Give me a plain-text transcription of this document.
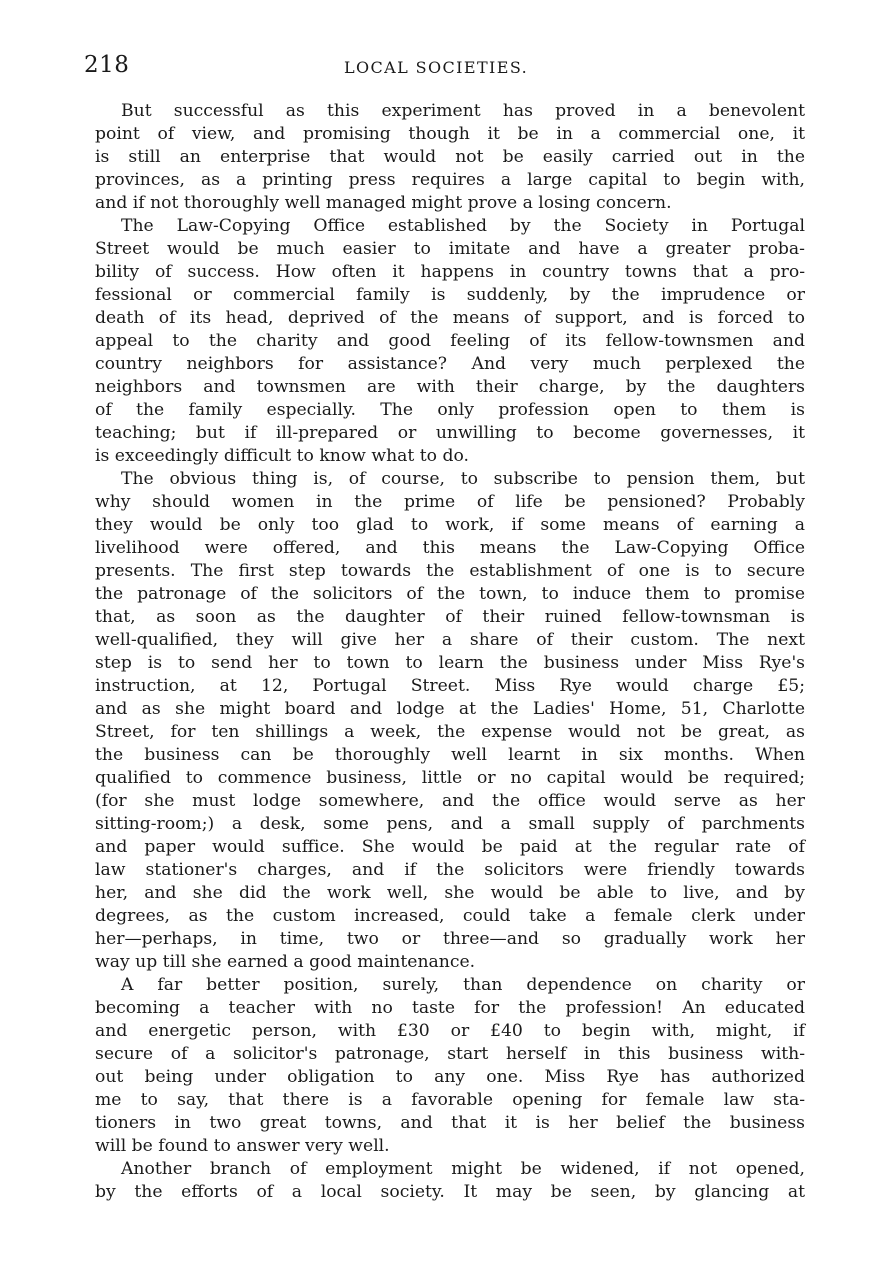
218	LOCAL SOCIETIES.
But successful as this experiment has proved in a benevolent
point of view, and promising though it be in a commercial one, it
is still an enterprise that would not be easily carried out in the
provinces, as a printing press requires a large capital to begin with,
and if not thoroughly well managed might prove a losing concern.
The Law-Copying Office established by the Society in Portugal
Street would be much easier to imitate and have a greater proba-
bility of success. How often it happens in country towns that a pro-
fessional or commercial family is suddenly, by the imprudence or
death of its head, deprived of the means of support, and is forced to
appeal to the charity and good feeling of its fellow-townsmen and
country neighbors for assistance? And very much perplexed the
neighbors and townsmen are with their charge, by the daughters
of the family especially. The only profession open to them is
teaching; but if ill-prepared or unwilling to become governesses, it
is exceedingly difficult to know what to do.
The obvious thing is, of course, to subscribe to pension them, but
why should women in the prime of life be pensioned? Probably
they would be only too glad to work, if some means of earning a
livelihood were offered, and this means the Law-Copying Office
presents. The first step towards the establishment of one is to secure
the patronage of the solicitors of the town, to induce them to promise
that, as soon as the daughter of their ruined fellow-townsman is
well-qualified, they will give her a share of their custom. The next
step is to send her to town to learn the business under Miss Rye's
instruction, at 12, Portugal Street. Miss Rye would charge £5;
and as she might board and lodge at the Ladies' Home, 51, Charlotte
Street, for ten shillings a week, the expense would not be great, as
the business can be thoroughly well learnt in six months. When
qualified to commence business, little or no capital would be required;
(for she must lodge somewhere, and the office would serve as her
sitting-room;) a desk, some pens, and a small supply of parchments
and paper would suffice. She would be paid at the regular rate of
law stationer's charges, and if the solicitors were friendly towards
her, and she did the work well, she would be able to live, and by
degrees, as the custom increased, could take a female clerk under
her—perhaps, in time, two or three—and so gradually work her
way up till she earned a good maintenance.
A far better position, surely, than dependence on charity or
becoming a teacher with no taste for the profession! An educated
and energetic person, with £30 or £40 to begin with, might, if
secure of a solicitor's patronage, start herself in this business with-
out being under obligation to any one. Miss Rye has authorized
me to say, that there is a favorable opening for female law sta-
tioners in two great towns, and that it is her belief the business
will be found to answer very well.
Another branch of employment might be widened, if not opened,
by the efforts of a local society. It may be seen, by glancing at
